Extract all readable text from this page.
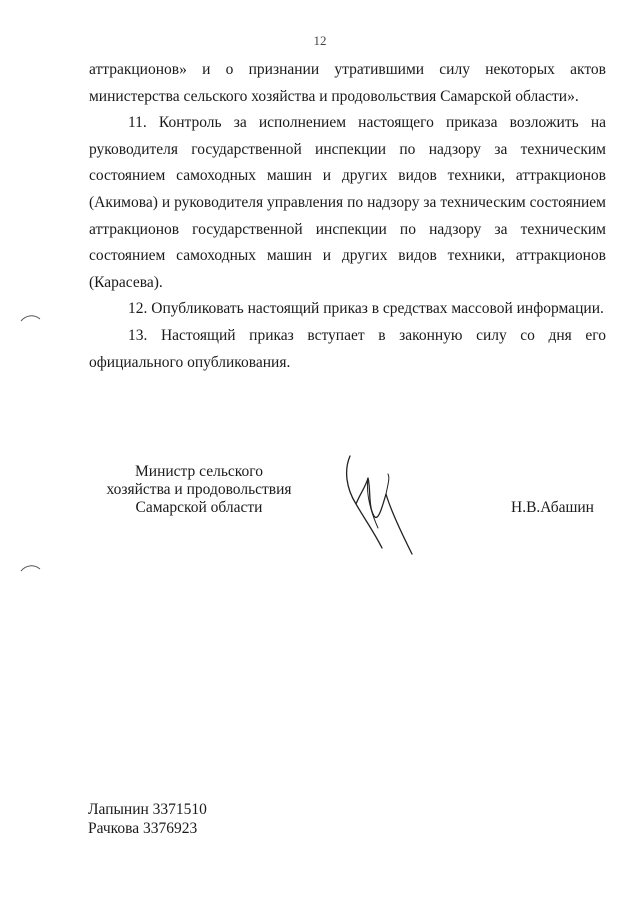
12

аттракционов» и о признании утратившими силу некоторых актов министерства сельского хозяйства и продовольствия Самарской области».

11. Контроль за исполнением настоящего приказа возложить на руководителя государственной инспекции по надзору за техническим состоянием самоходных машин и других видов техники, аттракционов (Акимова) и руководителя управления по надзору за техническим состоянием аттракционов государственной инспекции по надзору за техническим состоянием самоходных машин и других видов техники, аттракционов (Карасева).

12. Опубликовать настоящий приказ в средствах массовой информации.

13. Настоящий приказ вступает в законную силу со дня его официального опубликования.

Министр сельского
хозяйства и продовольствия
Самарской области	Н.В.Абашин
Лапынин 3371510
Рачкова 3376923
